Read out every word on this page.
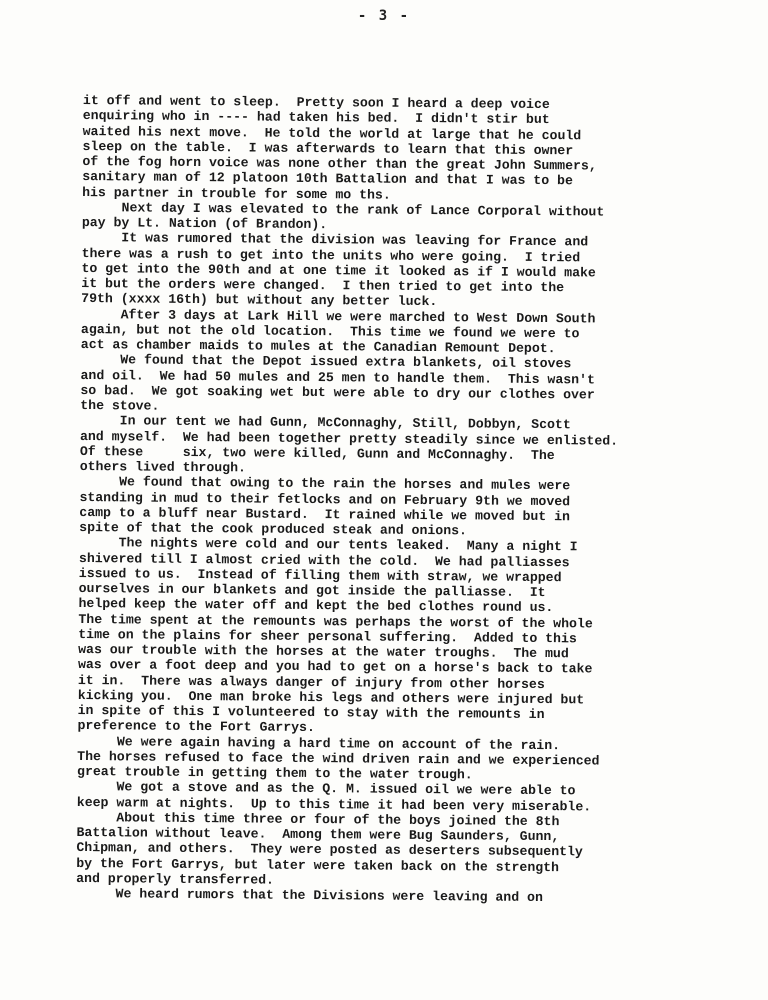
- 3 -
it off and went to sleep.  Pretty soon I heard a deep voice
enquiring who in ---- had taken his bed.  I didn't stir but
waited his next move.  He told the world at large that he could
sleep on the table.  I was afterwards to learn that this owner
of the fog horn voice was none other than the great John Summers,
sanitary man of 12 platoon 10th Battalion and that I was to be
his partner in trouble for some mo ths.
Next day I was elevated to the rank of Lance Corporal without
pay by Lt. Nation (of Brandon).
It was rumored that the division was leaving for France and
there was a rush to get into the units who were going.  I tried
to get into the 90th and at one time it looked as if I would make
it but the orders were changed.  I then tried to get into the
79th (xxxx 16th) but without any better luck.
After 3 days at Lark Hill we were marched to West Down South
again, but not the old location.  This time we found we were to
act as chamber maids to mules at the Canadian Remount Depot.
We found that the Depot issued extra blankets, oil stoves
and oil.  We had 50 mules and 25 men to handle them.  This wasn't
so bad.  We got soaking wet but were able to dry our clothes over
the stove.
In our tent we had Gunn, McConnaghy, Still, Dobbyn, Scott
and myself.  We had been together pretty steadily since we enlisted.
Of these     six, two were killed, Gunn and McConnaghy.  The
others lived through.
We found that owing to the rain the horses and mules were
standing in mud to their fetlocks and on February 9th we moved
camp to a bluff near Bustard.  It rained while we moved but in
spite of that the cook produced steak and onions.
The nights were cold and our tents leaked.  Many a night I
shivered till I almost cried with the cold.  We had palliasses
issued to us.  Instead of filling them with straw, we wrapped
ourselves in our blankets and got inside the palliasse.  It
helped keep the water off and kept the bed clothes round us.
The time spent at the remounts was perhaps the worst of the whole
time on the plains for sheer personal suffering.  Added to this
was our trouble with the horses at the water troughs.  The mud
was over a foot deep and you had to get on a horse's back to take
it in.  There was always danger of injury from other horses
kicking you.  One man broke his legs and others were injured but
in spite of this I volunteered to stay with the remounts in
preference to the Fort Garrys.
We were again having a hard time on account of the rain.
The horses refused to face the wind driven rain and we experienced
great trouble in getting them to the water trough.
We got a stove and as the Q. M. issued oil we were able to
keep warm at nights.  Up to this time it had been very miserable.
About this time three or four of the boys joined the 8th
Battalion without leave.  Among them were Bug Saunders, Gunn,
Chipman, and others.  They were posted as deserters subsequently
by the Fort Garrys, but later were taken back on the strength
and properly transferred.
We heard rumors that the Divisions were leaving and on
